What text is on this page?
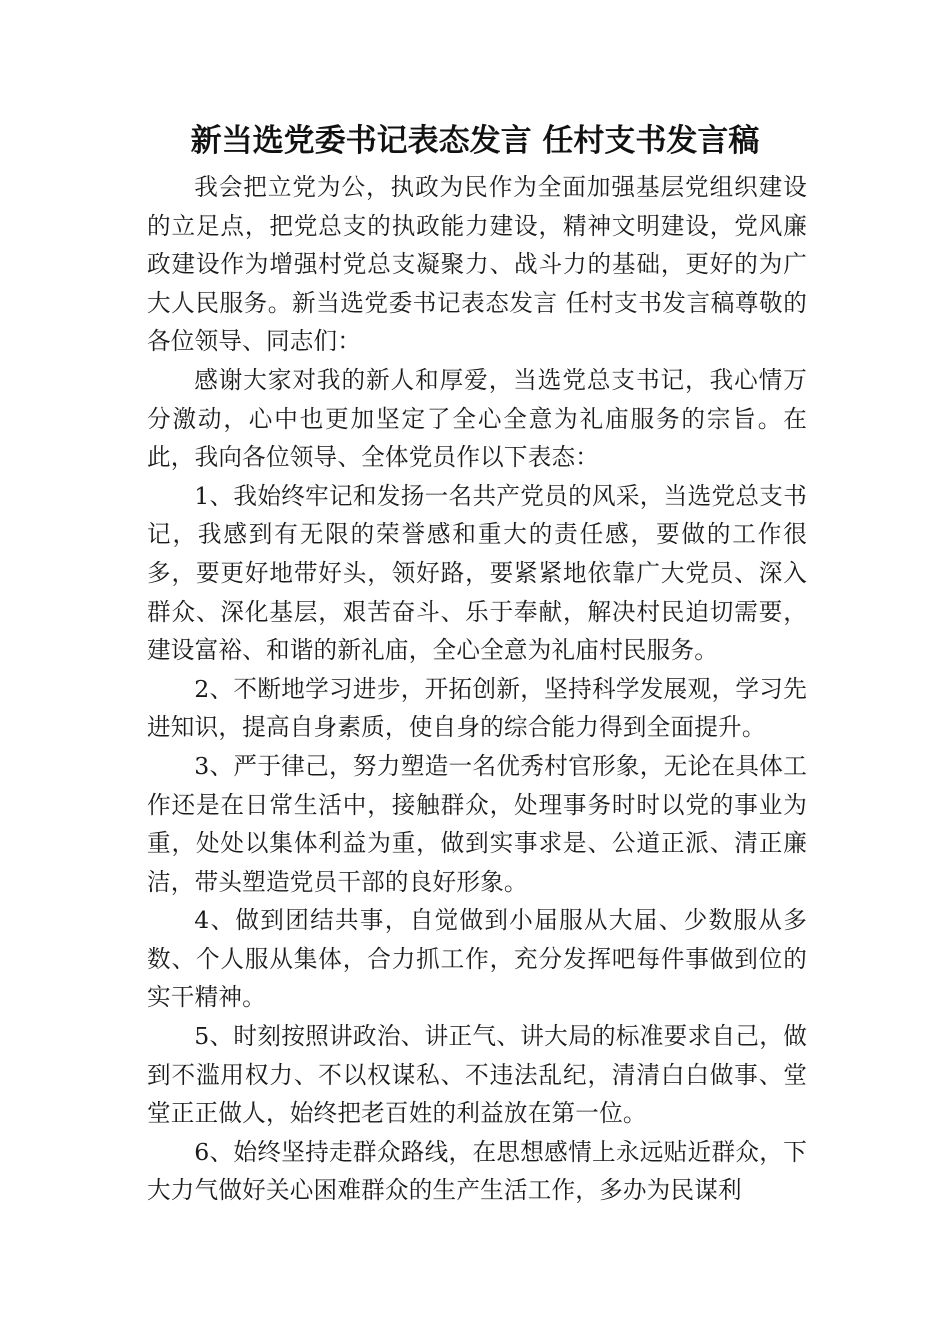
新当选党委书记表态发言 任村支书发言稿

我会把立党为公，执政为民作为全面加强基层党组织建设的立足点，把党总支的执政能力建设，精神文明建设，党风廉政建设作为增强村党总支凝聚力、战斗力的基础，更好的为广大人民服务。新当选党委书记表态发言 任村支书发言稿尊敬的各位领导、同志们：

感谢大家对我的新人和厚爱，当选党总支书记，我心情万分激动，心中也更加坚定了全心全意为礼庙服务的宗旨。在此，我向各位领导、全体党员作以下表态：

1、我始终牢记和发扬一名共产党员的风采，当选党总支书记，我感到有无限的荣誉感和重大的责任感，要做的工作很多，要更好地带好头，领好路，要紧紧地依靠广大党员、深入群众、深化基层，艰苦奋斗、乐于奉献，解决村民迫切需要，建设富裕、和谐的新礼庙，全心全意为礼庙村民服务。

2、不断地学习进步，开拓创新，坚持科学发展观，学习先进知识，提高自身素质，使自身的综合能力得到全面提升。

3、严于律己，努力塑造一名优秀村官形象，无论在具体工作还是在日常生活中，接触群众，处理事务时时以党的事业为重，处处以集体利益为重，做到实事求是、公道正派、清正廉洁，带头塑造党员干部的良好形象。

4、做到团结共事，自觉做到小届服从大届、少数服从多数、个人服从集体，合力抓工作，充分发挥吧每件事做到位的实干精神。

5、时刻按照讲政治、讲正气、讲大局的标准要求自己，做到不滥用权力、不以权谋私、不违法乱纪，清清白白做事、堂堂正正做人，始终把老百姓的利益放在第一位。

6、始终坚持走群众路线，在思想感情上永远贴近群众，下大力气做好关心困难群众的生产生活工作，多办为民谋利
